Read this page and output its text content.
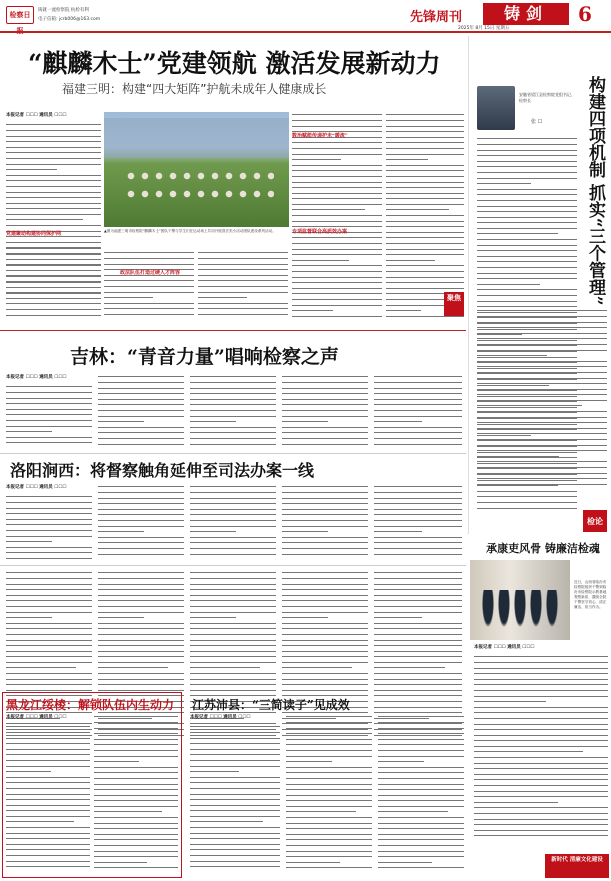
检察日	铸就一流检察院 杭检有利
电子信箱: jcrb006@163.com	先锋周刊	铸剑	6
2025年 8月 15日 星期五
“麒麟木士”党建领航 激活发展新动力
福建三明：构建“四大矩阵”护航未成年人健康成长
本报记者 ☐☐☐ 通讯员 ☐☐☐
党建聚动构建协同保护网	▲图为福建三明市检察院“麒麟木士”团队干警与学生们在运动场上共同开展普法类小活动团队建设系列活动。
政法队伍打造过硬人才阵容
专项监督联合高质效办案
数治赋能传递护未“暖流”
聚焦
安徽省望江县检察院党组书记、检察长
张 ☐	构建四项机制 抓实“三个管理”
检论
吉林：“青音力量”唱响检察之声
本报记者 ☐☐☐ 通讯员 ☐☐☐
洛阳涧西：将督察触角延伸至司法办案一线
本报记者 ☐☐☐ 通讯员 ☐☐☐
承康吏风骨 铸廉洁检魂
近日，山西省临汾市检察院组织干警到临汾市检察院示教基地观察新质，激励全院干警坚守初心、清正廉洁、担当作为。
本报记者 ☐☐☐ 通讯员 ☐☐☐
新时代 清廉文化建设
黑龙江绥棱：解锁队伍内生动力
本报记者 ☐☐☐ 通讯员 ☐☐☐
江苏沛县：“三简读子”见成效
本报记者 ☐☐☐ 通讯员 ☐☐☐
